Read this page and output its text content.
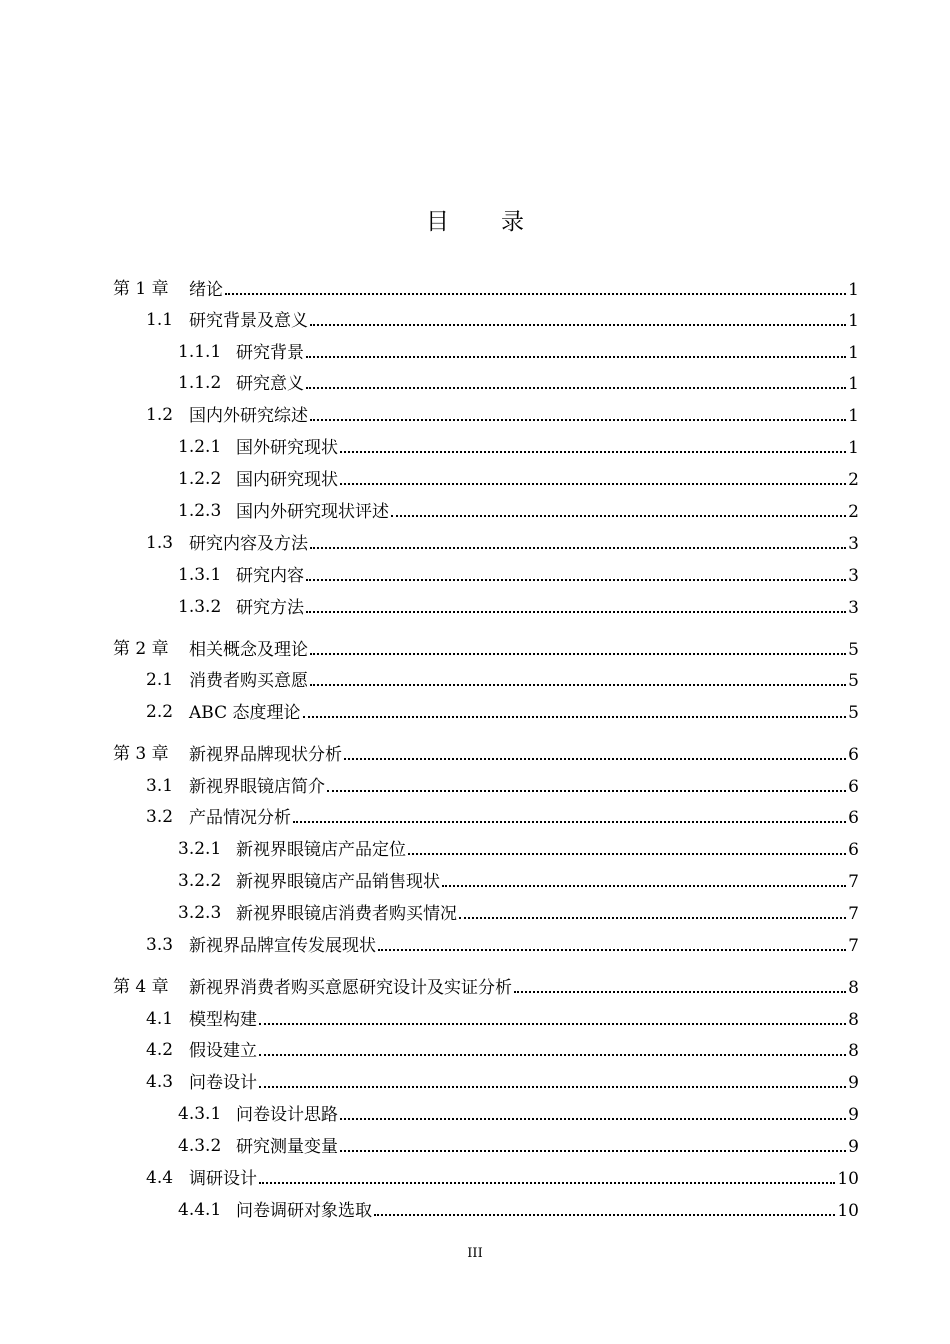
目 录
第 1 章 绪论	1
1.1 研究背景及意义	1
1.1.1 研究背景	1
1.1.2 研究意义	1
1.2 国内外研究综述	1
1.2.1 国外研究现状	1
1.2.2 国内研究现状	2
1.2.3 国内外研究现状评述	2
1.3 研究内容及方法	3
1.3.1 研究内容	3
1.3.2 研究方法	3
第 2 章 相关概念及理论	5
2.1 消费者购买意愿	5
2.2 ABC 态度理论	5
第 3 章 新视界品牌现状分析	6
3.1 新视界眼镜店简介	6
3.2 产品情况分析	6
3.2.1 新视界眼镜店产品定位	6
3.2.2 新视界眼镜店产品销售现状	7
3.2.3 新视界眼镜店消费者购买情况	7
3.3 新视界品牌宣传发展现状	7
第 4 章 新视界消费者购买意愿研究设计及实证分析	8
4.1 模型构建	8
4.2 假设建立	8
4.3 问卷设计	9
4.3.1 问卷设计思路	9
4.3.2 研究测量变量	9
4.4 调研设计	10
4.4.1 问卷调研对象选取	10
III
